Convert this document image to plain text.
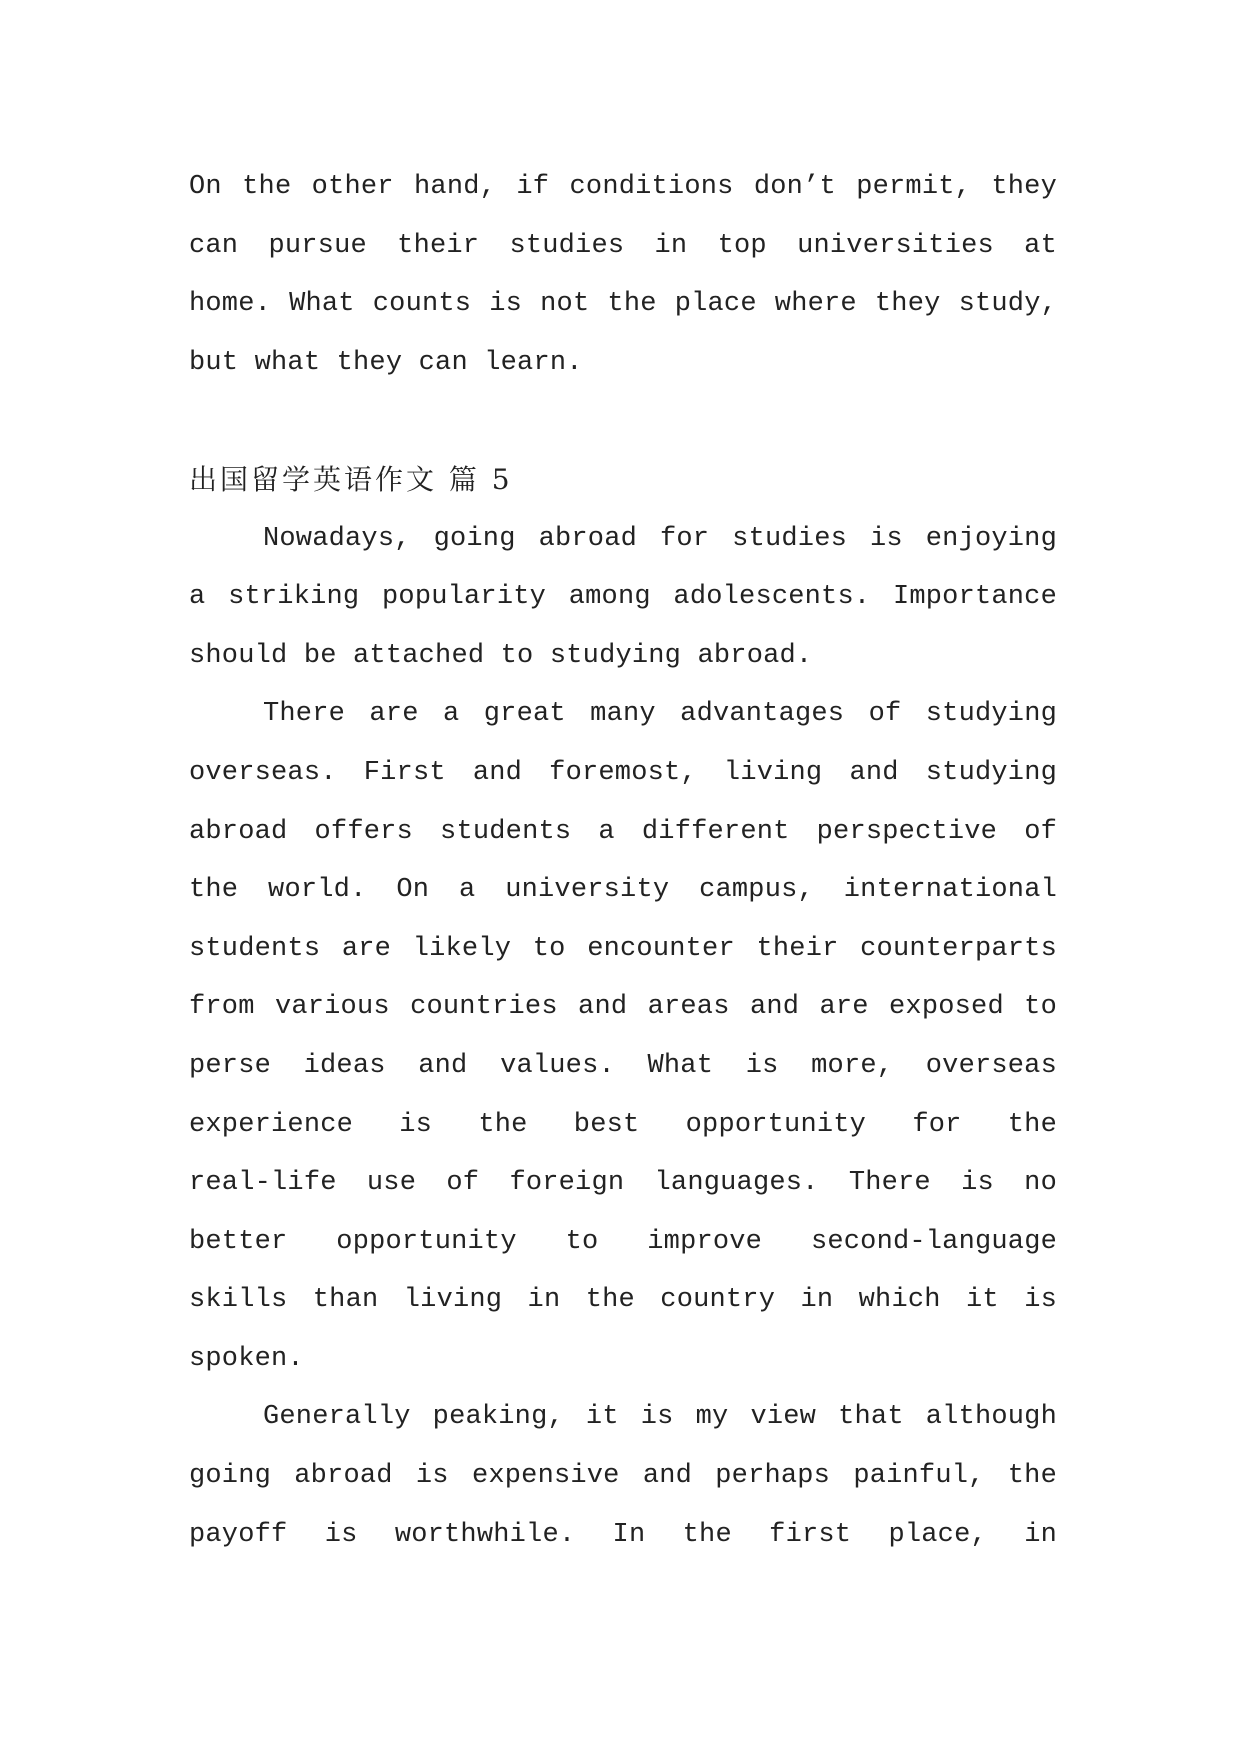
On the other hand, if conditions don’t permit, they
can pursue their studies in top universities at
home. What counts is not the place where they study,
but what they can learn.
出国留学英语作文 篇 5
Nowadays, going abroad for studies is enjoying
a striking popularity among adolescents. Importance
should be attached to studying abroad.
There are a great many advantages of studying
overseas. First and foremost, living and studying
abroad offers students a different perspective of
the world. On a university campus, international
students are likely to encounter their counterparts
from various countries and areas and are exposed to
perse ideas and values. What is more, overseas
experience is the best opportunity for the
real-life use of foreign languages. There is no
better opportunity to improve second-language
skills than living in the country in which it is
spoken.
Generally peaking, it is my view that although
going abroad is expensive and perhaps painful, the
payoff is worthwhile. In the first place, in
